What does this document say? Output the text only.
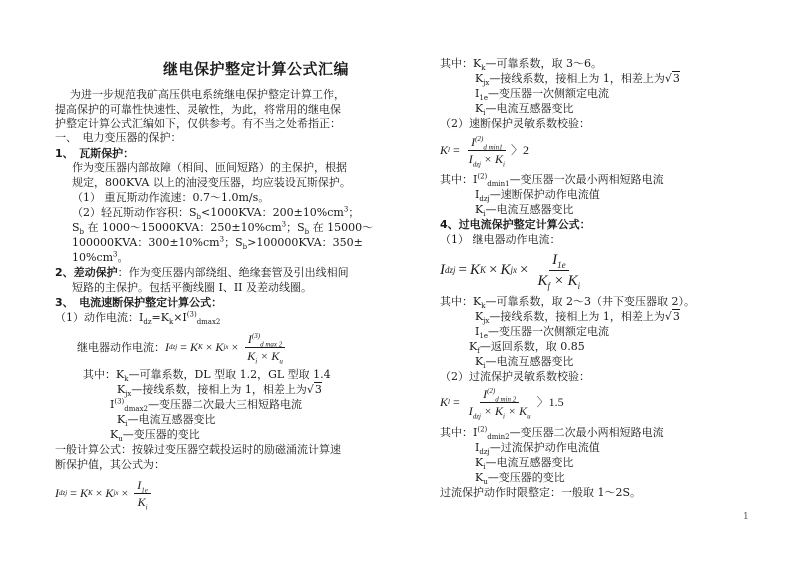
继电保护整定计算公式汇编
为进一步规范我矿高压供电系统继电保护整定计算工作，
提高保护的可靠性快速性、灵敏性，为此，将常用的继电保
护整定计算公式汇编如下，仅供参考。有不当之处希指正：
一、　电力变压器的保护：
1、　瓦斯保护：
作为变压器内部故障（相间、匝间短路）的主保护，根据
规定，800KVA 以上的油浸变压器，均应装设瓦斯保护。
（1） 重瓦斯动作流速：0.7～1.0m/s。
（2）轻瓦斯动作容积：$S_b<1000KVA$：$200\pm 10\%cm^3$；
$S_b$ 在 1000～15000KVA：$250\pm 10\%cm^3$；$S_b$ 在 15000～
100000KVA：$300\pm 10\%cm^3$；$S_b>100000KVA$：350±
$10\%cm^3$。
2、差动保护：作为变压器内部绕组、绝缘套管及引出线相间
短路的主保护。包括平衡线圈 I、II 及差动线圈。
3、　电流速断保护整定计算公式：
（1）动作电流：$I_{dz}=K_k\times I^{(3)}_{dmax2}$
继电器动作电流： I dzj = K K × K jx × $\frac{I^{(3)}_{d max 2}}{K_i \times K_u}$
其中：$K_k—$可靠系数，DL 型取 1.2，GL 型取 1.4
$K_{jx}—$接线系数，接相上为 1，相差上为√3
$I^{(3)}_{dmax2}—$变压器二次最大三相短路电流
$K_i—$电流互感器变比
$K_u—$变压器的变比
一般计算公式：按躲过变压器空载投运时的励磁涌流计算速
断保护值，其公式为：
I dzj = K K × K jx × $\frac{I_{1e}}{K_i}$
其中：$K_k—$可靠系数，取 3～6。
$K_{jx}—$接线系数，接相上为 1，相差上为√3
$I_{1e}—$变压器一次侧额定电流
$K_i—$电流互感器变比
（2）速断保护灵敏系数校验：
K $l = \frac{I^{(2)}_{d min1}}{I_{dzj} \times K_i}$ 〉2
其中：$I^{(2)}_{dmin1}—$变压器一次最小两相短路电流
$I_{dzj}—$速断保护动作电流值
$K_i—$电流互感器变比
4、过电流保护整定计算公式：
（1） 继电器动作电流：
I dzj = K K × K jx × $\frac{I_{1e}}{K_f \times K_i}$
其中：$K_k—$可靠系数，取 2～3（井下变压器取 2）。
$K_{jx}—$接线系数，接相上为 1，相差上为√3
$I_{1e}—$变压器一次侧额定电流
$K_f—$返回系数，取 0.85
$K_i—$电流互感器变比
（2）过流保护灵敏系数校验：
K $l = \frac{I^{(2)}_{d min 2}}{I_{dzj} \times K_i \times K_u}$ 〉1.5
其中：$I^{(2)}_{dmin2}—$变压器二次最小两相短路电流
$I_{dzj}—$过流保护动作电流值
$K_i—$电流互感器变比
$K_u—$变压器的变比
过流保护动作时限整定：一般取 1～2S。
1
